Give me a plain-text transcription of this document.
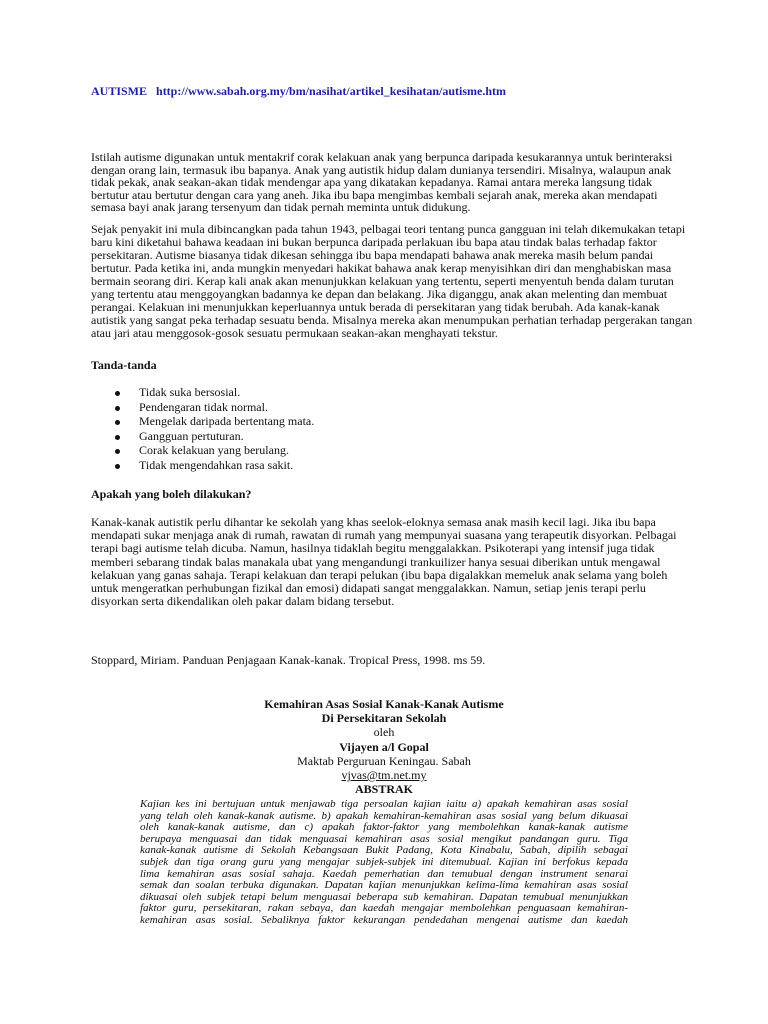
AUTISME http://www.sabah.org.my/bm/nasihat/artikel_kesihatan/autisme.htm
Istilah autisme digunakan untuk mentakrif corak kelakuan anak yang berpunca daripada kesukarannya untuk berinteraksi
dengan orang lain, termasuk ibu bapanya. Anak yang autistik hidup dalam dunianya tersendiri. Misalnya, walaupun anak
tidak pekak, anak seakan-akan tidak mendengar apa yang dikatakan kepadanya. Ramai antara mereka langsung tidak
bertutur atau bertutur dengan cara yang aneh. Jika ibu bapa mengimbas kembali sejarah anak, mereka akan mendapati
semasa bayi anak jarang tersenyum dan tidak pernah meminta untuk didukung.
Sejak penyakit ini mula dibincangkan pada tahun 1943, pelbagai teori tentang punca gangguan ini telah dikemukakan tetapi
baru kini diketahui bahawa keadaan ini bukan berpunca daripada perlakuan ibu bapa atau tindak balas terhadap faktor
persekitaran. Autisme biasanya tidak dikesan sehingga ibu bapa mendapati bahawa anak mereka masih belum pandai
bertutur. Pada ketika ini, anda mungkin menyedari hakikat bahawa anak kerap menyisihkan diri dan menghabiskan masa
bermain seorang diri. Kerap kali anak akan menunjukkan kelakuan yang tertentu, seperti menyentuh benda dalam turutan
yang tertentu atau menggoyangkan badannya ke depan dan belakang. Jika diganggu, anak akan melenting dan membuat
perangai. Kelakuan ini menunjukkan keperluannya untuk berada di persekitaran yang tidak berubah. Ada kanak-kanak
autistik yang sangat peka terhadap sesuatu benda. Misalnya mereka akan menumpukan perhatian terhadap pergerakan tangan
atau jari atau menggosok-gosok sesuatu permukaan seakan-akan menghayati tekstur.
Tanda-tanda
Tidak suka bersosial.
Pendengaran tidak normal.
Mengelak daripada bertentang mata.
Gangguan pertuturan.
Corak kelakuan yang berulang.
Tidak mengendahkan rasa sakit.
Apakah yang boleh dilakukan?
Kanak-kanak autistik perlu dihantar ke sekolah yang khas seelok-eloknya semasa anak masih kecil lagi. Jika ibu bapa
mendapati sukar menjaga anak di rumah, rawatan di rumah yang mempunyai suasana yang terapeutik disyorkan. Pelbagai
terapi bagi autisme telah dicuba. Namun, hasilnya tidaklah begitu menggalakkan. Psikoterapi yang intensif juga tidak
memberi sebarang tindak balas manakala ubat yang mengandungi trankuilizer hanya sesuai diberikan untuk mengawal
kelakuan yang ganas sahaja. Terapi kelakuan dan terapi pelukan (ibu bapa digalakkan memeluk anak selama yang boleh
untuk mengeratkan perhubungan fizikal dan emosi) didapati sangat menggalakkan. Namun, setiap jenis terapi perlu
disyorkan serta dikendalikan oleh pakar dalam bidang tersebut.
Stoppard, Miriam. Panduan Penjagaan Kanak-kanak. Tropical Press, 1998. ms 59.
Kemahiran Asas Sosial Kanak-Kanak Autisme
Di Persekitaran Sekolah
oleh
Vijayen a/l Gopal
Maktab Perguruan Keningau. Sabah
vjvas@tm.net.my
ABSTRAK
Kajian kes ini bertujuan untuk menjawab tiga persoalan kajian iaitu a) apakah kemahiran asas sosial
yang telah oleh kanak-kanak autisme. b) apakah kemahiran-kemahiran asas sosial yang belum dikuasai
oleh kanak-kanak autisme, dan c) apakah faktor-faktor yang membolehkan kanak-kanak autisme
berupaya menguasai dan tidak menguasai kemahiran asas sosial mengikut pandangan guru. Tiga
kanak-kanak autisme di Sekolah Kebangsaan Bukit Padang, Kota Kinabalu, Sabah, dipilih sebagai
subjek dan tiga orang guru yang mengajar subjek-subjek ini ditemubual. Kajian ini berfokus kepada
lima kemahiran asas sosial sahaja. Kaedah pemerhatian dan temubual dengan instrument senarai
semak dan soalan terbuka digunakan. Dapatan kajian menunjukkan kelima-lima kemahiran asas sosial
dikuasai oleh subjek tetapi belum menguasai beberapa sub kemahiran. Dapatan temubual menunjukkan
faktor guru, persekitaran, rakan sebaya, dan kaedah mengajar membolehkan penguasaan kemahiran-
kemahiran asas sosial. Sebaliknya faktor kekurangan pendedahan mengenai autisme dan kaedah
